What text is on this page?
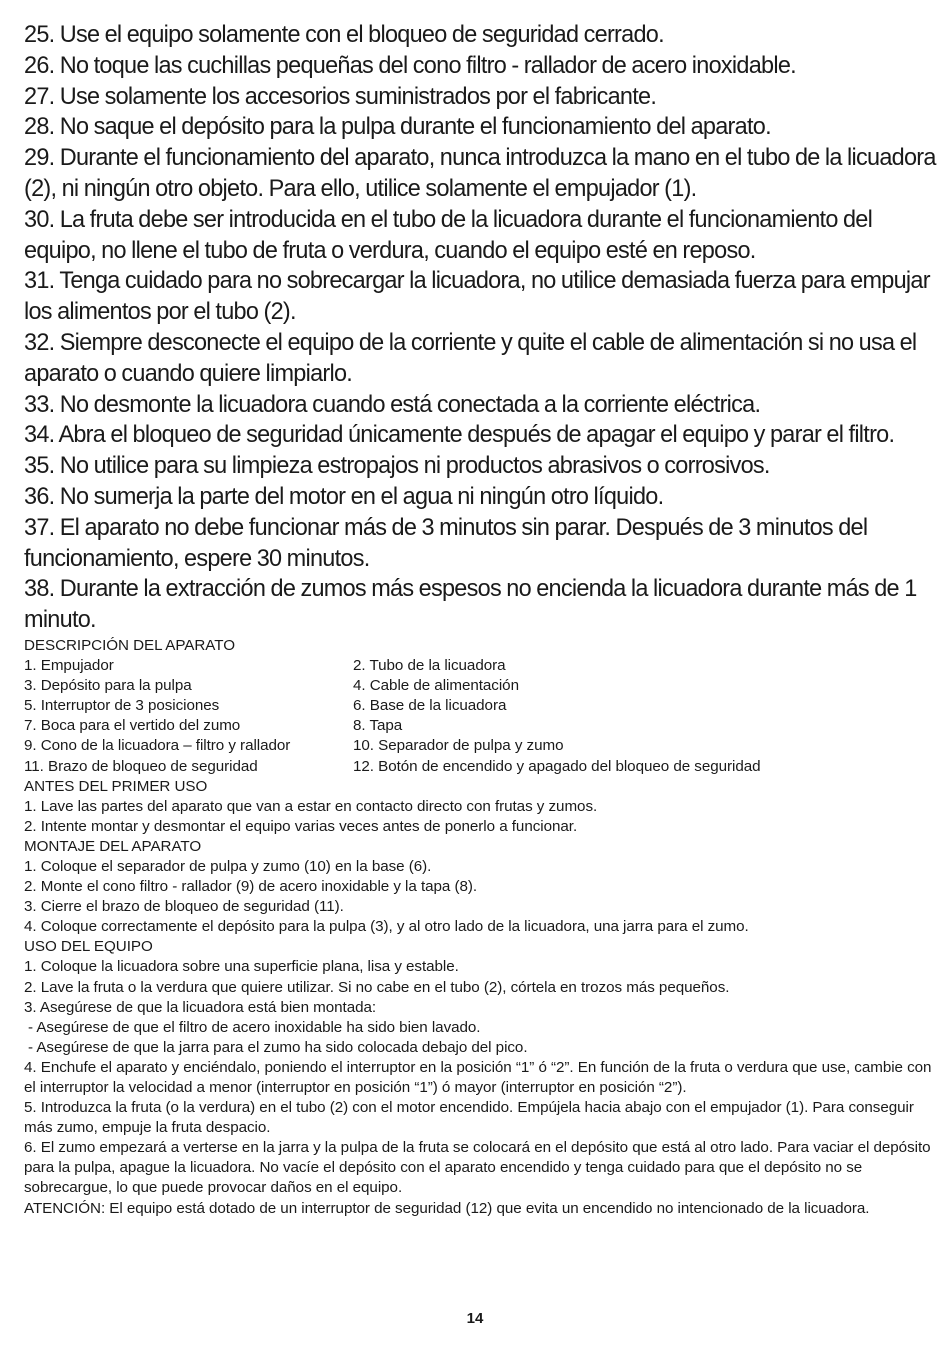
25. Use el equipo solamente con el bloqueo de seguridad cerrado.

26. No toque las cuchillas pequeñas del cono filtro - rallador de acero inoxidable.

27. Use solamente los accesorios suministrados por el fabricante.

28. No saque el depósito para la pulpa durante el funcionamiento del aparato.

29. Durante el funcionamiento del aparato, nunca introduzca la mano en el tubo de la licuadora (2), ni ningún otro objeto. Para ello, utilice solamente el empujador (1).

30. La fruta debe ser introducida en el tubo de la licuadora durante el funcionamiento del equipo, no llene el tubo de fruta o verdura, cuando el equipo esté en reposo.

31. Tenga cuidado para no sobrecargar la licuadora, no utilice demasiada fuerza para empujar los alimentos por el tubo (2).

32. Siempre desconecte el equipo de la corriente y quite el cable de alimentación si no usa el aparato o cuando quiere limpiarlo.

33. No desmonte la licuadora cuando está conectada a la corriente eléctrica.

34. Abra el bloqueo de seguridad únicamente después de apagar el equipo y parar el filtro.

35. No utilice para su limpieza estropajos ni productos abrasivos o corrosivos.

36. No sumerja la parte del motor en el agua ni ningún otro líquido.

37. El aparato no debe funcionar más de 3 minutos sin parar. Después de 3 minutos del funcionamiento, espere 30 minutos.

38. Durante la extracción de zumos más espesos no encienda la licuadora durante más de 1 minuto.

DESCRIPCIÓN DEL APARATO

1. Empujador	2. Tubo de la licuadora
3. Depósito para la pulpa	4. Cable de alimentación
5. Interruptor de 3 posiciones	6. Base de la licuadora
7. Boca para el vertido del zumo	8. Tapa
9. Cono de la licuadora – filtro y rallador	10. Separador de pulpa y zumo
11. Brazo de bloqueo de seguridad	12. Botón de encendido y apagado del bloqueo de seguridad

ANTES DEL PRIMER USO

1. Lave las partes del aparato que van a estar en contacto directo con frutas y zumos.

2. Intente montar y desmontar el equipo varias veces antes de ponerlo a funcionar.

MONTAJE DEL APARATO

1. Coloque el separador de pulpa y zumo (10) en la base (6).

2. Monte el cono filtro - rallador (9) de acero inoxidable y la tapa (8).

3. Cierre el brazo de bloqueo de seguridad (11).

4. Coloque correctamente el depósito para la pulpa (3), y al otro lado de la licuadora, una jarra para el zumo.

USO DEL EQUIPO

1. Coloque la licuadora sobre una superficie plana, lisa y estable.

2. Lave la fruta o la verdura que quiere utilizar. Si no cabe en el tubo (2), córtela en trozos más pequeños.

3. Asegúrese de que la licuadora está bien montada:

- Asegúrese de que el filtro de acero inoxidable ha sido bien lavado.

- Asegúrese de que la jarra para el zumo ha sido colocada debajo del pico.

4. Enchufe el aparato y enciéndalo, poniendo el interruptor en la posición “1” ó “2”. En función de la fruta o verdura que use, cambie con el interruptor la velocidad a menor (interruptor en posición “1”) ó mayor (interruptor en posición “2”).

5. Introduzca la fruta (o la verdura) en el tubo (2) con el motor encendido. Empújela hacia abajo con el empujador (1). Para conseguir más zumo, empuje la fruta despacio.

6. El zumo empezará a verterse en la jarra y la pulpa de la fruta se colocará en el depósito que está al otro lado. Para vaciar el depósito para la pulpa, apague la licuadora. No vacíe el depósito con el aparato encendido y tenga cuidado para que el depósito no se sobrecargue, lo que puede provocar daños en el equipo.

ATENCIÓN: El equipo está dotado de un interruptor de seguridad (12) que evita un encendido no intencionado de la licuadora.

14
